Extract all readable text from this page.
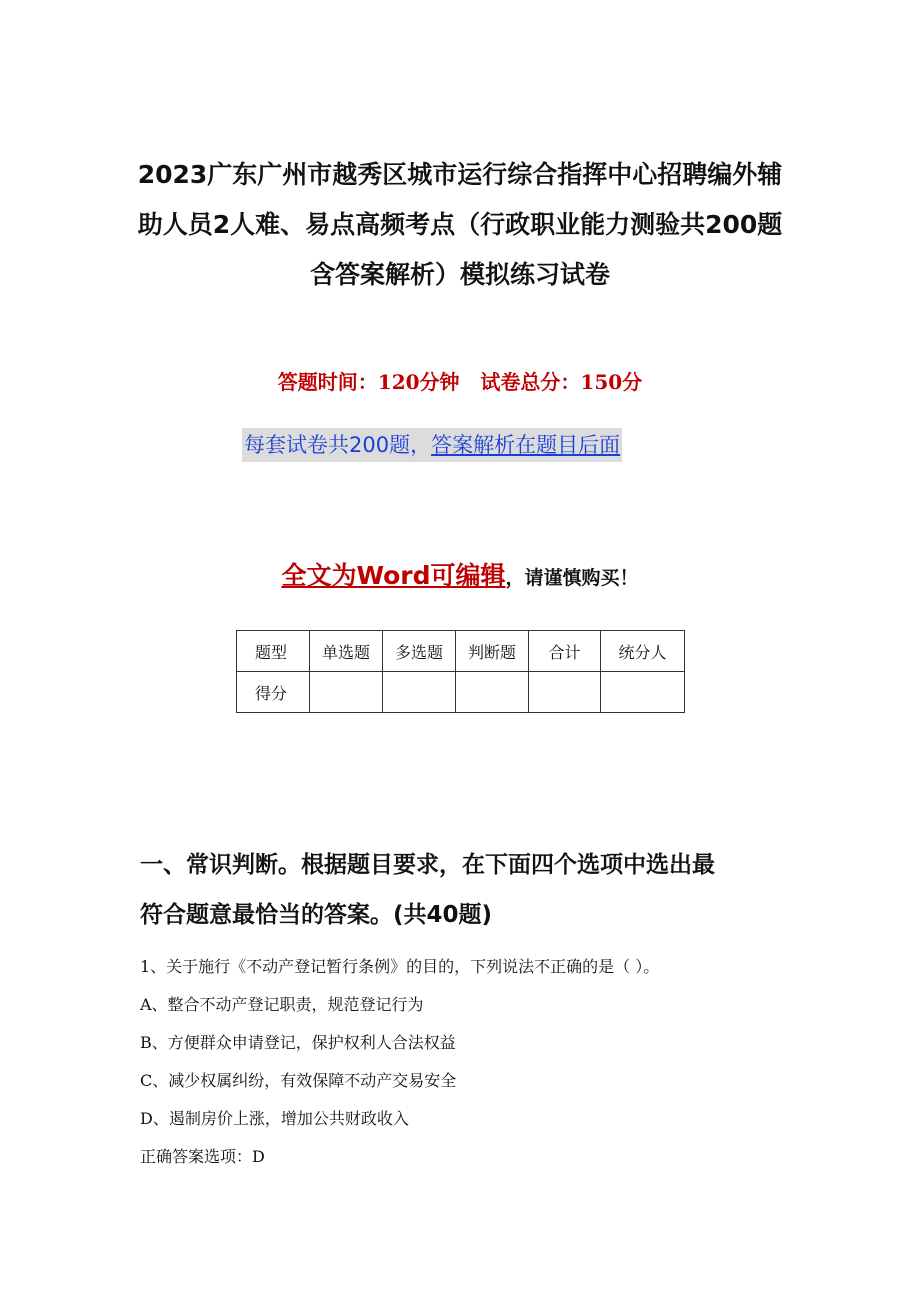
2023广东广州市越秀区城市运行综合指挥中心招聘编外辅
助人员2人难、易点高频考点（行政职业能力测验共200题
含答案解析）模拟练习试卷
答题时间：120分钟   试卷总分：150分
每套试卷共200题，答案解析在题目后面
全文为Word可编辑，请谨慎购买！
题型	单选题	多选题	判断题	合计	统分人
得分					
一、常识判断。根据题目要求，在下面四个选项中选出最
符合题意最恰当的答案。(共40题)
1、关于施行《不动产登记暂行条例》的目的，下列说法不正确的是（ ）。
A、整合不动产登记职责，规范登记行为
B、方便群众申请登记，保护权利人合法权益
C、减少权属纠纷，有效保障不动产交易安全
D、遏制房价上涨，增加公共财政收入
正确答案选项：D
